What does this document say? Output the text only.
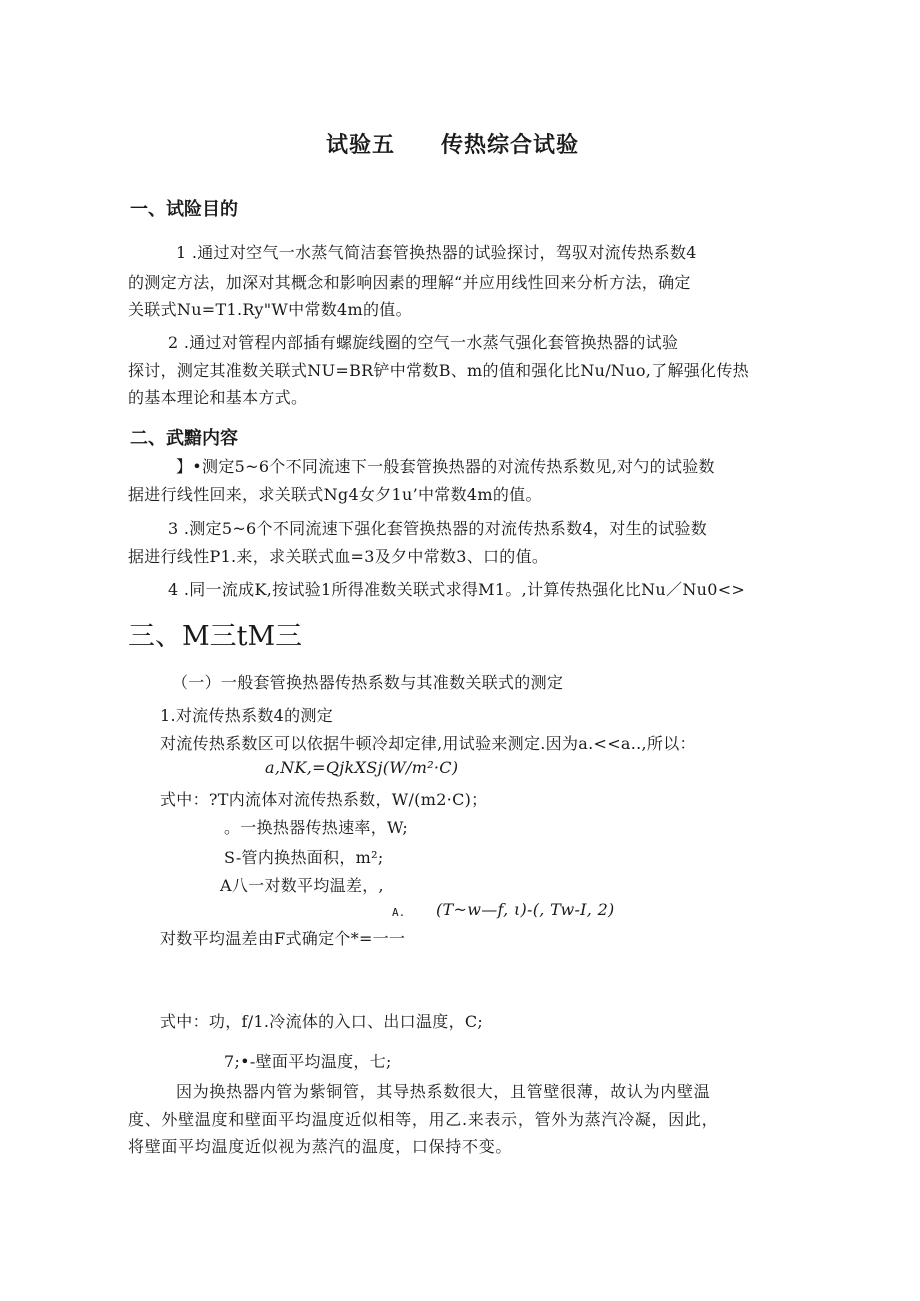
试验五　　传热综合试验
一、试险目的
1 .通过对空气一水蒸气简洁套管换热器的试验探讨，驾驭对流传热系数4
的测定方法，加深对其概念和影响因素的理解“并应用线性回来分析方法，确定
关联式Nu=T1.Ry"W中常数4m的值。
2 .通过对管程内部插有螺旋线圈的空气一水蒸气强化套管换热器的试验
探讨，测定其准数关联式NU=BR铲中常数B、m的值和强化比Nu/Nuo,了解强化传热
的基本理论和基本方式。
二、武黯内容
】•测定5~6个不同流速下一般套管换热器的对流传热系数见,对勺的试验数
据进行线性回来，求关联式Ng4女夕1u’中常数4m的值。
3 .测定5~6个不同流速下强化套管换热器的对流传热系数4，对生的试验数
据进行线性P1.来，求关联式血=3及夕中常数3、口的值。
4 .同一流成K,按试验1所得准数关联式求得M1。,计算传热强化比Nu／Nu0<>
三、M三tM三
（一）一般套管换热器传热系数与其准数关联式的测定
1.对流传热系数4的测定
对流传热系数区可以依据牛顿冷却定律,用试验来测定.因为a.<<a..,所以：
a,NK,=QjkXSj(W∕m²·C)
式中：?T内流体对流传热系数，W∕(m2·C)；
。一换热器传热速率，W;
S-管内换热面积，m²;
A八一对数平均温差，,
A. (T~w—f, ι)-(, Tw-I, 2)
对数平均温差由F式确定个*=一一
式中：功，f/1.冷流体的入口、出口温度，C;
7;•-壁面平均温度，七;
因为换热器内管为紫铜管，其导热系数很大，且管壁很薄，故认为内壁温
度、外壁温度和壁面平均温度近似相等，用乙.来表示，管外为蒸汽冷凝，因此，
将壁面平均温度近似视为蒸汽的温度，口保持不变。
